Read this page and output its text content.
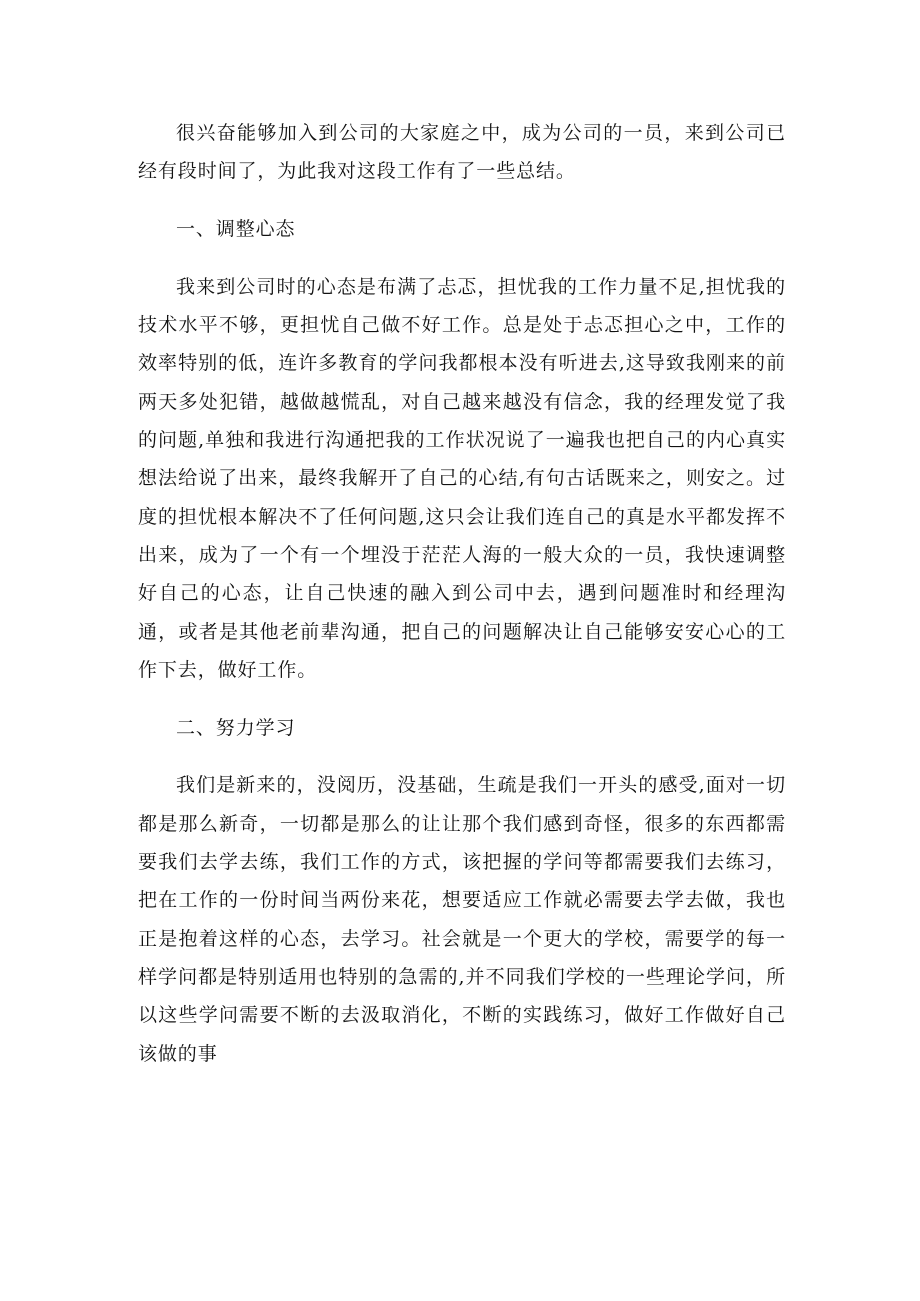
很兴奋能够加入到公司的大家庭之中，成为公司的一员，来到公司已经有段时间了，为此我对这段工作有了一些总结。

一、调整心态

我来到公司时的心态是布满了忐忑，担忧我的工作力量不足,担忧我的技术水平不够，更担忧自己做不好工作。总是处于忐忑担心之中，工作的效率特别的低，连许多教育的学问我都根本没有听进去,这导致我刚来的前两天多处犯错，越做越慌乱，对自己越来越没有信念，我的经理发觉了我的问题,单独和我进行沟通把我的工作状况说了一遍我也把自己的内心真实想法给说了出来，最终我解开了自己的心结,有句古话既来之，则安之。过度的担忧根本解决不了任何问题,这只会让我们连自己的真是水平都发挥不出来，成为了一个有一个埋没于茫茫人海的一般大众的一员，我快速调整好自己的心态，让自己快速的融入到公司中去，遇到问题准时和经理沟通，或者是其他老前辈沟通，把自己的问题解决让自己能够安安心心的工作下去，做好工作。

二、努力学习

我们是新来的，没阅历，没基础，生疏是我们一开头的感受,面对一切都是那么新奇，一切都是那么的让让那个我们感到奇怪，很多的东西都需要我们去学去练，我们工作的方式，该把握的学问等都需要我们去练习，把在工作的一份时间当两份来花，想要适应工作就必需要去学去做，我也正是抱着这样的心态，去学习。社会就是一个更大的学校，需要学的每一样学问都是特别适用也特别的急需的,并不同我们学校的一些理论学问，所以这些学问需要不断的去汲取消化，不断的实践练习，做好工作做好自己该做的事
